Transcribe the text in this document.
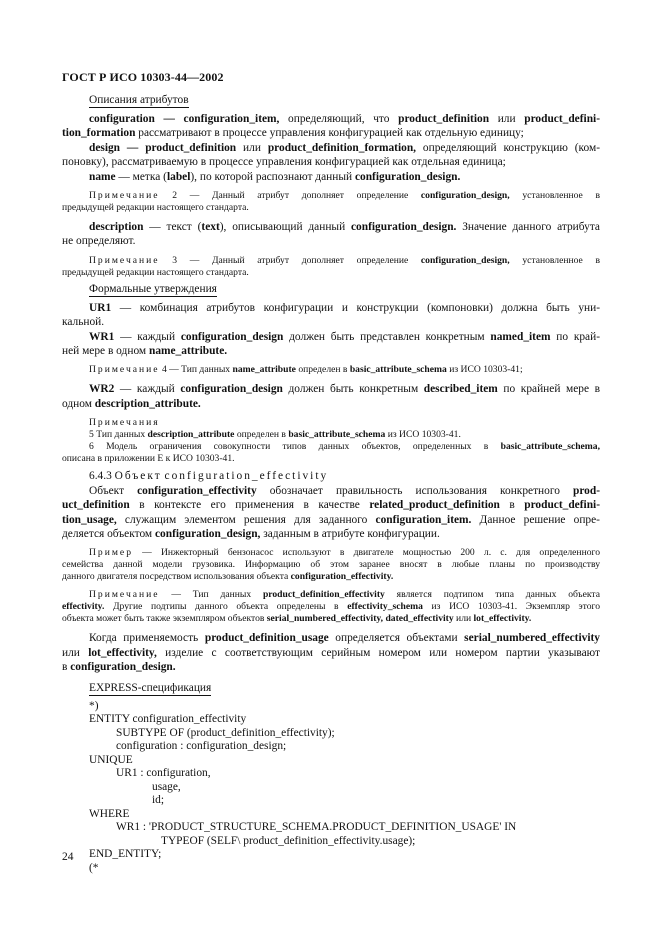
ГОСТ Р ИСО 10303-44—2002
Описания атрибутов
configuration — configuration_item, определяющий, что product_definition или product_defini-
tion_formation рассматривают в процессе управления конфигурацией как отдельную единицу;
design — product_definition или product_definition_formation, определяющий конструкцию (ком-
поновку), рассматриваемую в процессе управления конфигурацией как отдельная единица;
name — метка (label), по которой распознают данный configuration_design.
Примечание 2 — Данный атрибут дополняет определение configuration_design, установленное в
предыдущей редакции настоящего стандарта.
description — текст (text), описывающий данный configuration_design. Значение данного атрибута
не определяют.
Примечание 3 — Данный атрибут дополняет определение configuration_design, установленное в
предыдущей редакции настоящего стандарта.
Формальные утверждения
UR1 — комбинация атрибутов конфигурации и конструкции (компоновки) должна быть уни-
кальной.
WR1 — каждый configuration_design должен быть представлен конкретным named_item по край-
ней мере в одном name_attribute.
Примечание 4 — Тип данных name_attribute определен в basic_attribute_schema из ИСО 10303-41;
WR2 — каждый configuration_design должен быть конкретным described_item по крайней мере в
одном description_attribute.
Примечания
5 Тип данных description_attribute определен в basic_attribute_schema из ИСО 10303-41.
6 Модель ограничения совокупности типов данных объектов, определенных в basic_attribute_schema,
описана в приложении Е к ИСО 10303-41.
6.4.3 Объект configuration_effectivity
Объект configuration_effectivity обозначает правильность использования конкретного prod-
uct_definition в контексте его применения в качестве related_product_definition в product_defini-
tion_usage, служащим элементом решения для заданного configuration_item. Данное решение опре-
деляется объектом configuration_design, заданным в атрибуте конфигурации.
Пример — Инжекторный бензонасос используют в двигателе мощностью 200 л. с. для определенного
семейства данной модели грузовика. Информацию об этом заранее вносят в любые планы по производству
данного двигателя посредством использования объекта configuration_effectivity.
Примечание — Тип данных product_definition_effectivity является подтипом типа данных объекта
effectivity. Другие подтипы данного объекта определены в effectivity_schema из ИСО 10303-41. Экземпляр этого
объекта может быть также экземпляром объектов serial_numbered_effectivity, dated_effectivity или lot_effectivity.
Когда применяемость product_definition_usage определяется объектами serial_numbered_effectivity
или lot_effectivity, изделие с соответствующим серийным номером или номером партии указывают
в configuration_design.
EXPRESS-спецификация
*)
ENTITY configuration_effectivity
SUBTYPE OF (product_definition_effectivity);
configuration : configuration_design;
UNIQUE
UR1 : configuration,
usage,
id;
WHERE
WR1 : 'PRODUCT_STRUCTURE_SCHEMA.PRODUCT_DEFINITION_USAGE' IN
TYPEOF (SELF\ product_definition_effectivity.usage);
END_ENTITY;
(*
24
